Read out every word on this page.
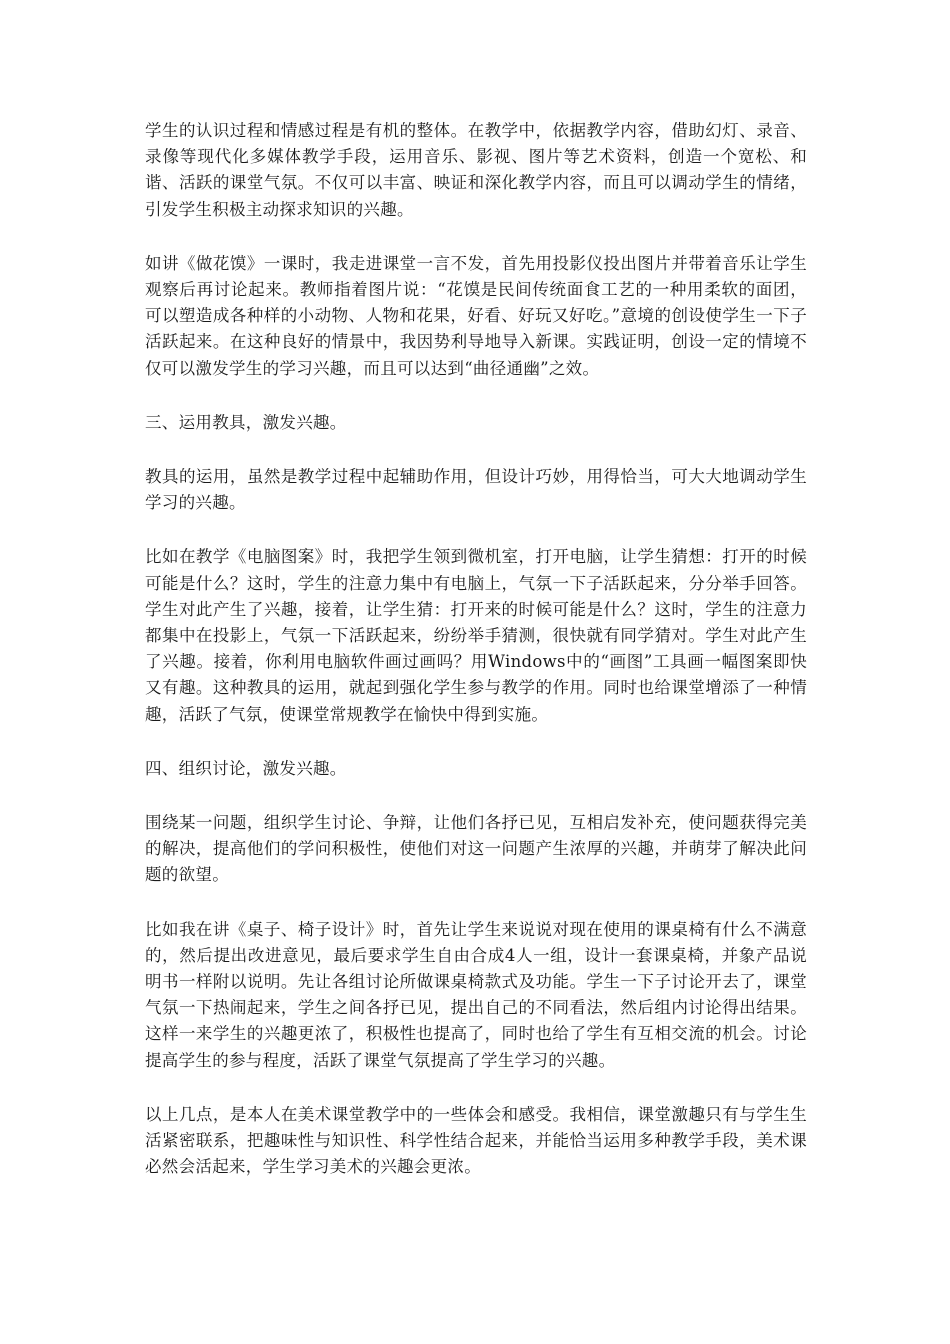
学生的认识过程和情感过程是有机的整体。在教学中，依据教学内容，借助幻灯、录音、录像等现代化多媒体教学手段，运用音乐、影视、图片等艺术资料，创造一个宽松、和谐、活跃的课堂气氛。不仅可以丰富、映证和深化教学内容，而且可以调动学生的情绪，引发学生积极主动探求知识的兴趣。

如讲《做花馍》一课时，我走进课堂一言不发，首先用投影仪投出图片并带着音乐让学生观察后再讨论起来。教师指着图片说：“花馍是民间传统面食工艺的一种用柔软的面团，可以塑造成各种样的小动物、人物和花果，好看、好玩又好吃。”意境的创设使学生一下子活跃起来。在这种良好的情景中，我因势利导地导入新课。实践证明，创设一定的情境不仅可以激发学生的学习兴趣，而且可以达到“曲径通幽”之效。

三、运用教具，激发兴趣。

教具的运用，虽然是教学过程中起辅助作用，但设计巧妙，用得恰当，可大大地调动学生学习的兴趣。

比如在教学《电脑图案》时，我把学生领到微机室，打开电脑，让学生猜想：打开的时候可能是什么？这时，学生的注意力集中有电脑上，气氛一下子活跃起来，分分举手回答。学生对此产生了兴趣，接着，让学生猜：打开来的时候可能是什么？这时，学生的注意力都集中在投影上，气氛一下活跃起来，纷纷举手猜测，很快就有同学猜对。学生对此产生了兴趣。接着，你利用电脑软件画过画吗？用Windows中的“画图”工具画一幅图案即快又有趣。这种教具的运用，就起到强化学生参与教学的作用。同时也给课堂增添了一种情趣，活跃了气氛，使课堂常规教学在愉快中得到实施。

四、组织讨论，激发兴趣。

围绕某一问题，组织学生讨论、争辩，让他们各抒已见，互相启发补充，使问题获得完美的解决，提高他们的学问积极性，使他们对这一问题产生浓厚的兴趣，并萌芽了解决此问题的欲望。

比如我在讲《桌子、椅子设计》时，首先让学生来说说对现在使用的课桌椅有什么不满意的，然后提出改进意见，最后要求学生自由合成4人一组，设计一套课桌椅，并象产品说明书一样附以说明。先让各组讨论所做课桌椅款式及功能。学生一下子讨论开去了，课堂气氛一下热闹起来，学生之间各抒已见，提出自己的不同看法，然后组内讨论得出结果。这样一来学生的兴趣更浓了，积极性也提高了，同时也给了学生有互相交流的机会。讨论提高学生的参与程度，活跃了课堂气氛提高了学生学习的兴趣。

以上几点，是本人在美术课堂教学中的一些体会和感受。我相信，课堂激趣只有与学生生活紧密联系，把趣味性与知识性、科学性结合起来，并能恰当运用多种教学手段，美术课必然会活起来，学生学习美术的兴趣会更浓。
